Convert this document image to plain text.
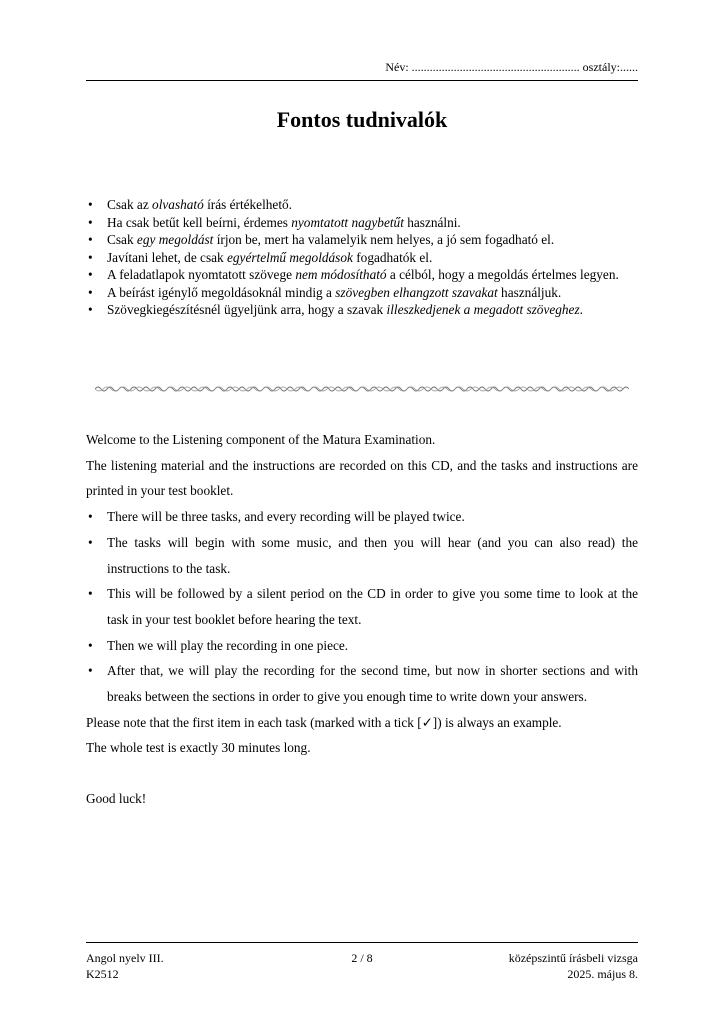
Név: ........................................................ osztály:......
Fontos tudnivalók
• Csak az olvasható írás értékelhető.
• Ha csak betűt kell beírni, érdemes nyomtatott nagybetűt használni.
• Csak egy megoldást írjon be, mert ha valamelyik nem helyes, a jó sem fogadható el.
• Javítani lehet, de csak egyértelmű megoldások fogadhatók el.
• A feladatlapok nyomtatott szövege nem módosítható a célból, hogy a megoldás értelmes legyen.
• A beírást igénylő megoldásoknál mindig a szövegben elhangzott szavakat használjuk.
• Szövegkiegészítésnél ügyeljünk arra, hogy a szavak illeszkedjenek a megadott szöveghez.

Welcome to the Listening component of the Matura Examination.

The listening material and the instructions are recorded on this CD, and the tasks and instructions are printed in your test booklet.

• There will be three tasks, and every recording will be played twice.
• The tasks will begin with some music, and then you will hear (and you can also read) the instructions to the task.
• This will be followed by a silent period on the CD in order to give you some time to look at the task in your test booklet before hearing the text.
• Then we will play the recording in one piece.
• After that, we will play the recording for the second time, but now in shorter sections and with breaks between the sections in order to give you enough time to write down your answers.

Please note that the first item in each task (marked with a tick [✓]) is always an example.

The whole test is exactly 30 minutes long.

Good luck!

Angol nyelv III.
K2512
2 / 8	középszintű írásbeli vizsga
2025. május 8.
